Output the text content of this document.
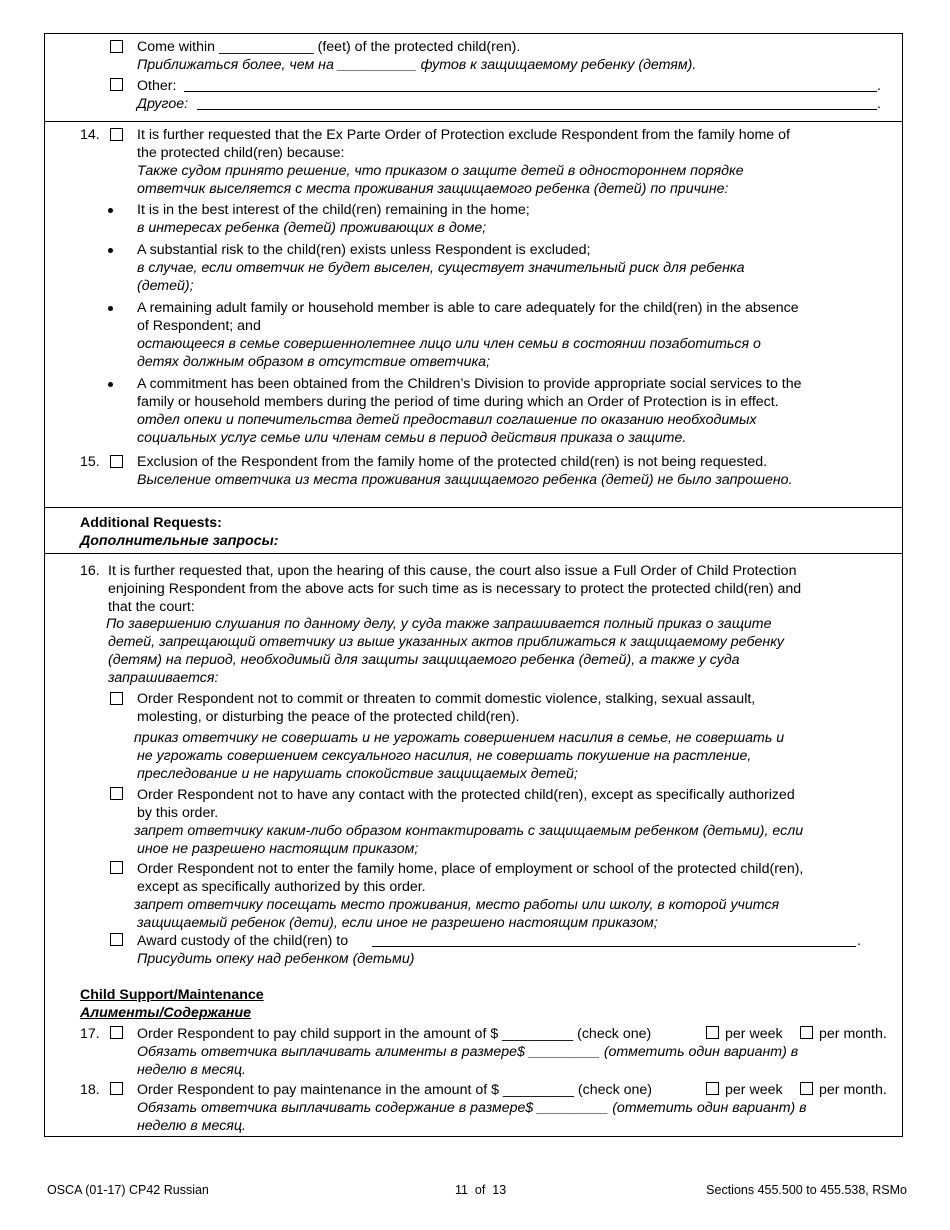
Come within ____________ (feet) of the protected child(ren).
Приближаться более, чем на __________ футов к защищаемому ребенку (детям).
Other:	.
Другое:	.
14.	It is further requested that the Ex Parte Order of Protection exclude Respondent from the family home of
the protected child(ren) because:
Также судом принято решение, что приказом о защите детей в одностороннем порядке
ответчик выселяется с места проживания защищаемого ребенка (детей) по причине:
It is in the best interest of the child(ren) remaining in the home;
в интересах ребенка (детей) проживающих в доме;
A substantial risk to the child(ren) exists unless Respondent is excluded;
в случае, если ответчик не будет выселен, существует значительный риск для ребенка
(детей);
A remaining adult family or household member is able to care adequately for the child(ren) in the absence
of Respondent; and
остающееся в семье совершеннолетнее лицо или член семьи в состоянии позаботиться о
детях должным образом в отсутствие ответчика;
A commitment has been obtained from the Children’s Division to provide appropriate social services to the
family or household members during the period of time during which an Order of Protection is in effect.
отдел опеки и попечительства детей предоставил соглашение по оказанию необходимых
социальных услуг семье или членам семьи в период действия приказа о защите.
15.	Exclusion of the Respondent from the family home of the protected child(ren) is not being requested.
Выселение ответчика из места проживания защищаемого ребенка (детей) не было запрошено.
Additional Requests:
Дополнительные запросы:
16. It is further requested that, upon the hearing of this cause, the court also issue a Full Order of Child Protection
enjoining Respondent from the above acts for such time as is necessary to protect the protected child(ren) and
that the court:
По завершению слушания по данному делу, у суда также запрашивается полный приказ о защите
детей, запрещающий ответчику из выше указанных актов приближаться к защищаемому ребенку
(детям) на период, необходимый для защиты защищаемого ребенка (детей), а также у суда
запрашивается:
Order Respondent not to commit or threaten to commit domestic violence, stalking, sexual assault,
molesting, or disturbing the peace of the protected child(ren).
приказ ответчику не совершать и не угрожать совершением насилия в семье, не совершать и
не угрожать совершением сексуального насилия, не совершать покушение на растление,
преследование и не нарушать спокойствие защищаемых детей;
Order Respondent not to have any contact with the protected child(ren), except as specifically authorized
by this order.
запрет ответчику каким-либо образом контактировать с защищаемым ребенком (детьми), если
иное не разрешено настоящим приказом;
Order Respondent not to enter the family home, place of employment or school of the protected child(ren),
except as specifically authorized by this order.
запрет ответчику посещать место проживания, место работы или школу, в которой учится
защищаемый ребенок (дети), если иное не разрешено настоящим приказом;
Award custody of the child(ren) to	.
Присудить опеку над ребенком (детьми)
Child Support/Maintenance
Алименты/Содержание
17.	Order Respondent to pay child support in the amount of $ _________ (check one)	per week	per month.
Обязать ответчика выплачивать алименты в размере$ _________ (отметить один вариант) в
неделю в месяц.
18.	Order Respondent to pay maintenance in the amount of $ _________ (check one)	per week	per month.
Обязать ответчика выплачивать содержание в размере$ _________ (отметить один вариант) в
неделю в месяц.
OSCA (01-17) CP42 Russian	11  of  13	Sections 455.500 to 455.538, RSMo
